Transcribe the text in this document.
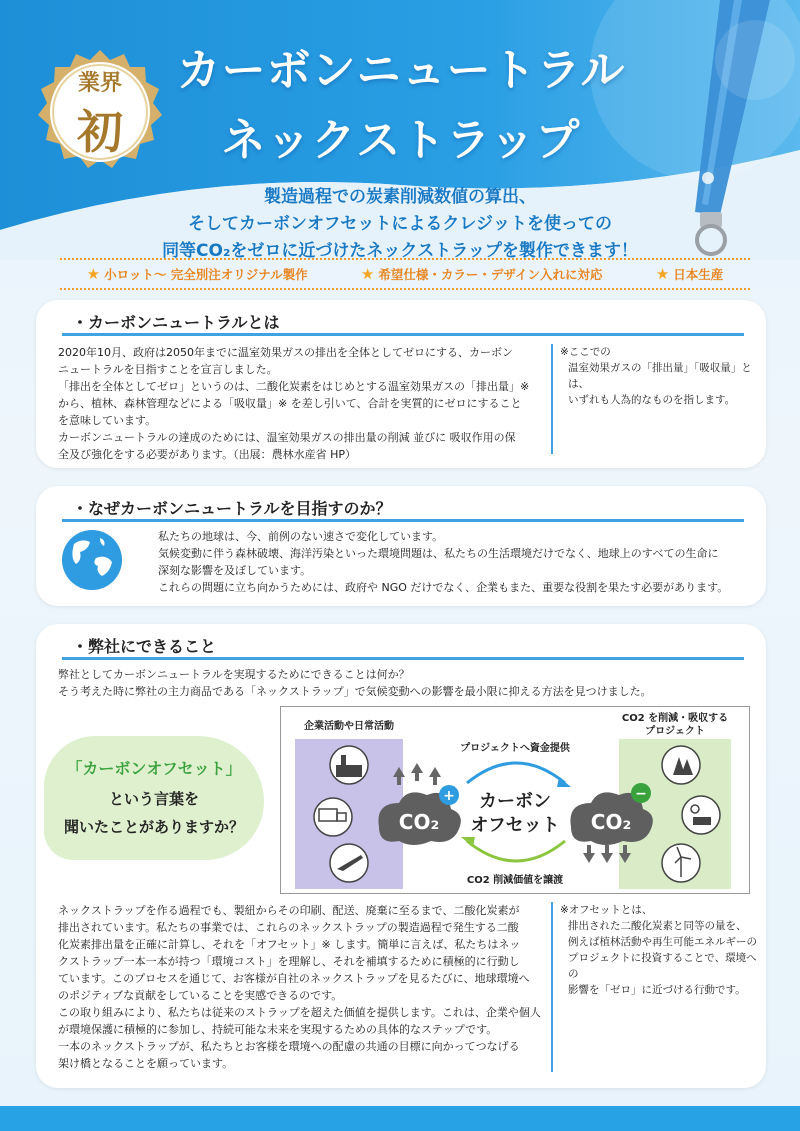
業界
初
カーボンニュートラル
ネックストラップ
製造過程での炭素削減数値の算出、
そしてカーボンオフセットによるクレジットを使っての
同等CO₂をゼロに近づけたネックストラップを製作できます！
★ 小ロット〜 完全別注オリジナル製作	★ 希望仕様・カラー・デザイン入れに対応	★ 日本生産
・カーボンニュートラルとは
2020年10月、政府は2050年までに温室効果ガスの排出を全体としてゼロにする、カーボン
ニュートラルを目指すことを宣言しました。
「排出を全体としてゼロ」というのは、二酸化炭素をはじめとする温室効果ガスの「排出量」※
から、植林、森林管理などによる「吸収量」※ を差し引いて、合計を実質的にゼロにすること
を意味しています。
カーボンニュートラルの達成のためには、温室効果ガスの排出量の削減 並びに 吸収作用の保
全及び強化をする必要があります。（出展：農林水産省 HP）
※ここでの
温室効果ガスの「排出量」「吸収量」とは、
いずれも人為的なものを指します。
・なぜカーボンニュートラルを目指すのか？
私たちの地球は、今、前例のない速さで変化しています。
気候変動に伴う森林破壊、海洋汚染といった環境問題は、私たちの生活環境だけでなく、地球上のすべての生命に
深刻な影響を及ぼしています。
これらの問題に立ち向かうためには、政府や NGO だけでなく、企業もまた、重要な役割を果たす必要があります。
・弊社にできること
弊社としてカーボンニュートラルを実現するためにできることは何か？
そう考えた時に弊社の主力商品である「ネックストラップ」で気候変動への影響を最小限に抑える方法を見つけました。
ネックストラップを作る過程でも、製紐からその印刷、配送、廃棄に至るまで、二酸化炭素が
排出されています。私たちの事業では、これらのネックストラップの製造過程で発生する二酸
化炭素排出量を正確に計算し、それを「オフセット」※ します。簡単に言えば、私たちはネッ
クストラップ一本一本が持つ「環境コスト」を理解し、それを補填するために積極的に行動し
ています。このプロセスを通じて、お客様が自社のネックストラップを見るたびに、地球環境へ
のポジティブな貢献をしていることを実感できるのです。
この取り組みにより、私たちは従来のストラップを超えた価値を提供します。これは、企業や個人
が環境保護に積極的に参加し、持続可能な未来を実現するための具体的なステップです。
一本のネックストラップが、私たちとお客様を環境への配慮の共通の目標に向かってつなげる
架け橋となることを願っています。
※オフセットとは、
排出された二酸化炭素と同等の量を、
例えば植林活動や再生可能エネルギーの
プロジェクトに投資することで、環境への
影響を「ゼロ」に近づける行動です。
「カーボンオフセット」
という言葉を
聞いたことがありますか？
企業活動や日常活動
CO2 を削減・吸収する
プロジェクト
CO₂
+
プロジェクトへ資金提供
CO2 削減価値を譲渡
カーボン
オフセット CO₂
−
